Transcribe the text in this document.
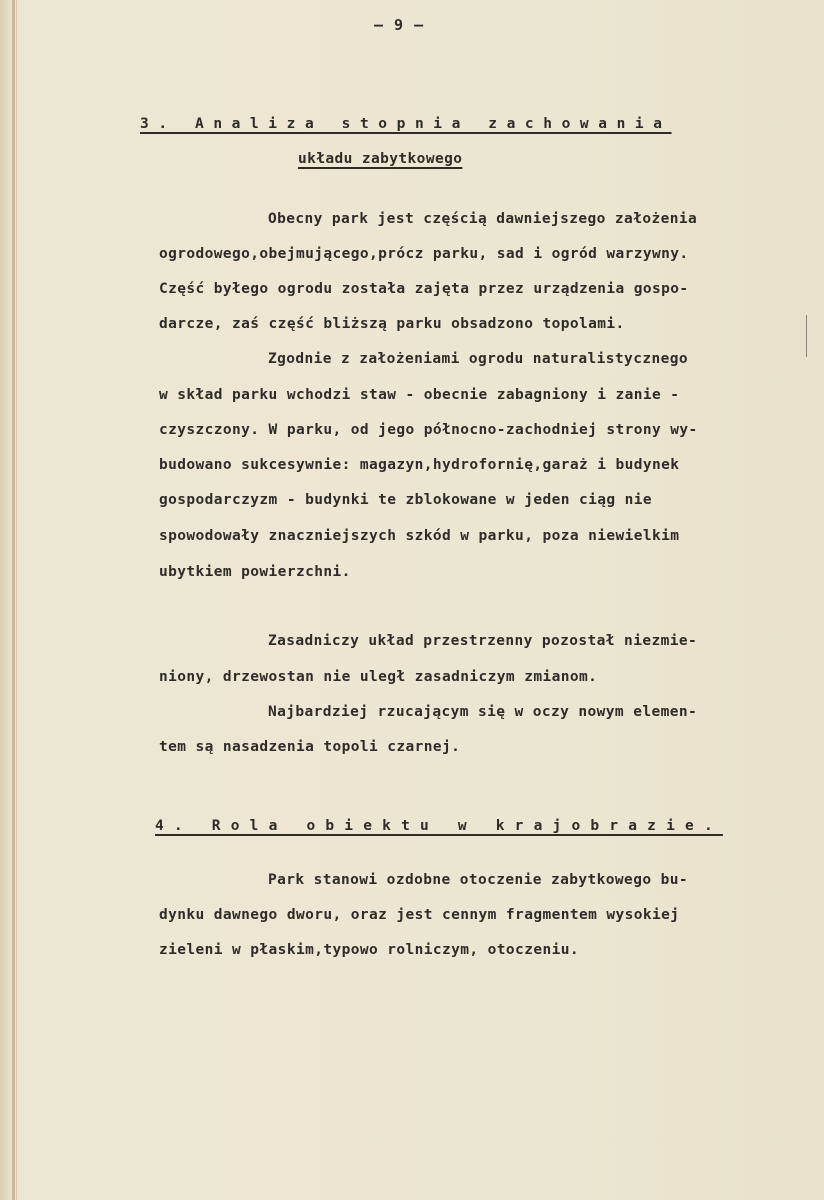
— 9 —
3. Analiza stopnia zachowania
układu zabytkowego
Obecny park jest częścią dawniejszego założenia
ogrodowego,obejmującego,prócz parku, sad i ogród warzywny.
Część byłego ogrodu została zajęta przez urządzenia gospo-
darcze, zaś część bliższą parku obsadzono topolami.
Zgodnie z założeniami ogrodu naturalistycznego
w skład parku wchodzi staw - obecnie zabagniony i zanie -
czyszczony. W parku, od jego północno-zachodniej strony wy-
budowano sukcesywnie: magazyn,hydrofornię,garaż i budynek
gospodarczyzm - budynki te zblokowane w jeden ciąg nie
spowodowały znaczniejszych szkód w parku, poza niewielkim
ubytkiem powierzchni.
Zasadniczy układ przestrzenny pozostał niezmie-
niony, drzewostan nie uległ zasadniczym zmianom.
Najbardziej rzucającym się w oczy nowym elemen-
tem są nasadzenia topoli czarnej.
4. Rola obiektu w krajobrazie.
Park stanowi ozdobne otoczenie zabytkowego bu-
dynku dawnego dworu, oraz jest cennym fragmentem wysokiej
zieleni w płaskim,typowo rolniczym, otoczeniu.
